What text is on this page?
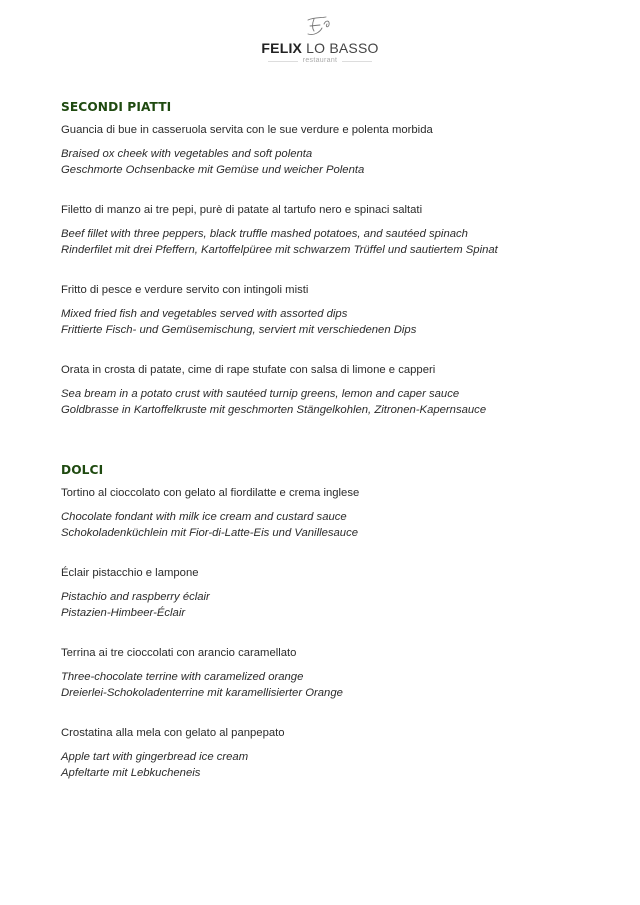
FELIX LO BASSO
restaurant
SECONDI PIATTI

Guancia di bue in casseruola servita con le sue verdure e polenta morbida

Braised ox cheek with vegetables and soft polenta

Geschmorte Ochsenbacke mit Gemüse und weicher Polenta

Filetto di manzo ai tre pepi, purè di patate al tartufo nero e spinaci saltati

Beef fillet with three peppers, black truffle mashed potatoes, and sautéed spinach

Rinderfilet mit drei Pfeffern, Kartoffelpüree mit schwarzem Trüffel und sautiertem Spinat

Fritto di pesce e verdure servito con intingoli misti

Mixed fried fish and vegetables served with assorted dips

Frittierte Fisch- und Gemüsemischung, serviert mit verschiedenen Dips

Orata in crosta di patate, cime di rape stufate con salsa di limone e capperi

Sea bream in a potato crust with sautéed turnip greens, lemon and caper sauce

Goldbrasse in Kartoffelkruste mit geschmorten Stängelkohlen, Zitronen-Kapernsauce

DOLCI

Tortino al cioccolato con gelato al fiordilatte e crema inglese

Chocolate fondant with milk ice cream and custard sauce

Schokoladenküchlein mit Fior-di-Latte-Eis und Vanillesauce

Éclair pistacchio e lampone

Pistachio and raspberry éclair

Pistazien-Himbeer-Éclair

Terrina ai tre cioccolati con arancio caramellato

Three-chocolate terrine with caramelized orange

Dreierlei-Schokoladenterrine mit karamellisierter Orange

Crostatina alla mela con gelato al panpepato

Apple tart with gingerbread ice cream

Apfeltarte mit Lebkucheneis
